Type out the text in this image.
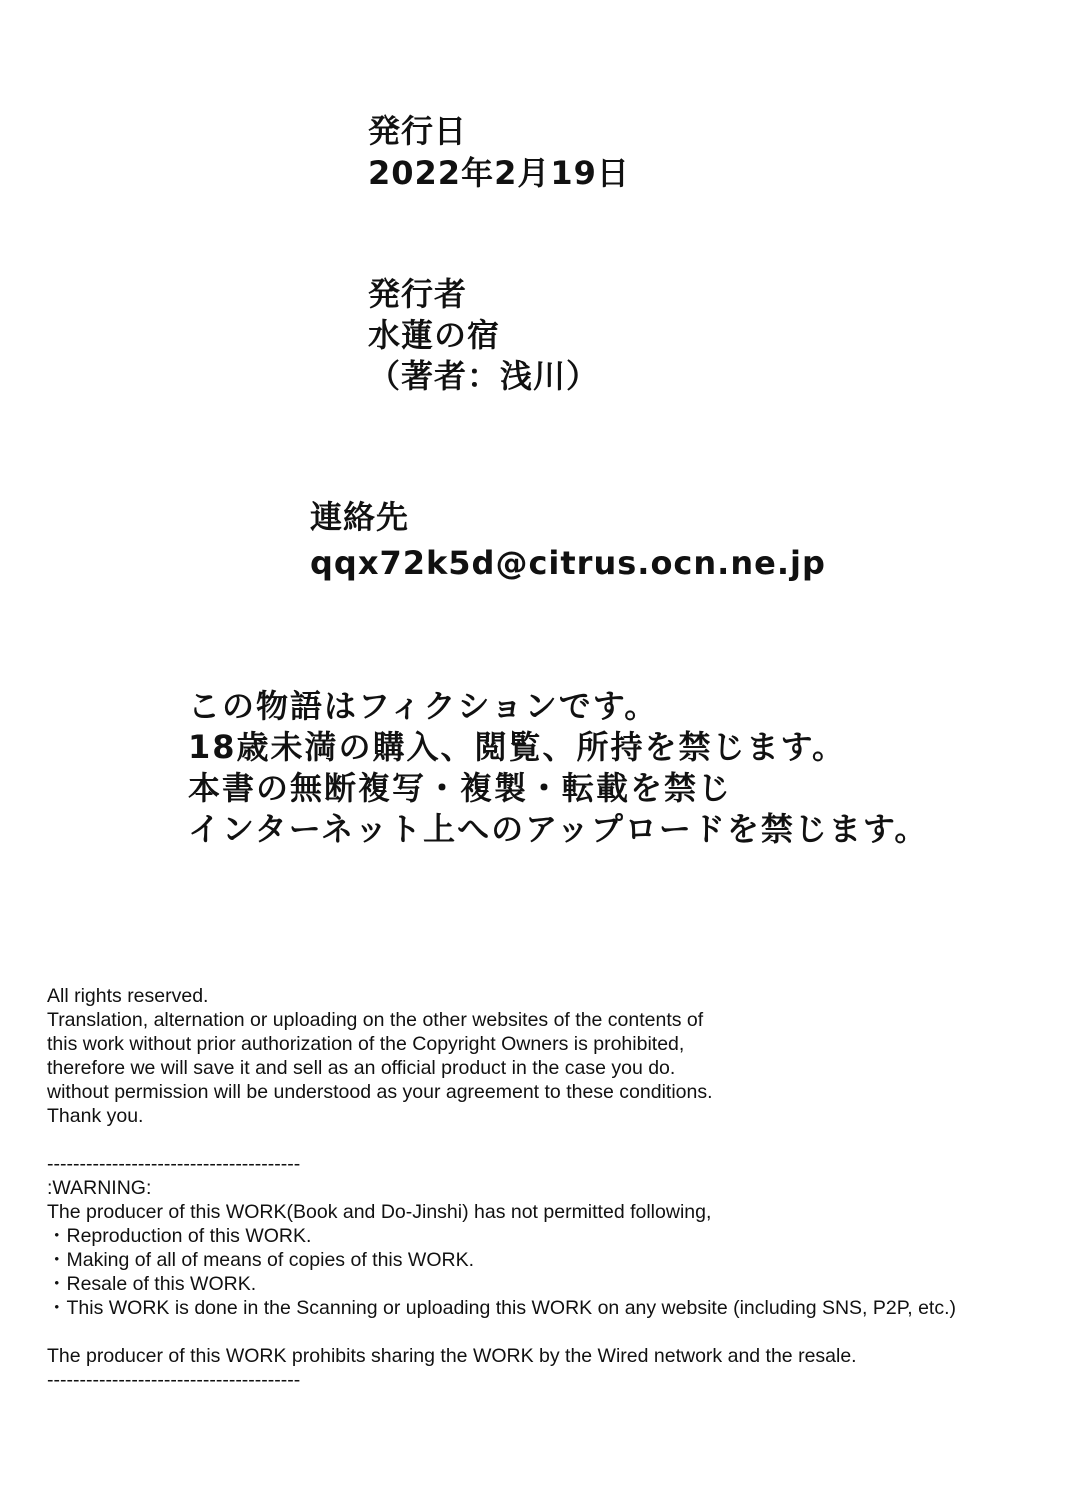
発行日
2022年2月19日
発行者
水蓮の宿
（著者：浅川）
連絡先
qqx72k5d@citrus.ocn.ne.jp
この物語はフィクションです。
18歳未満の購入、閲覧、所持を禁じます。
本書の無断複写・複製・転載を禁じ
インターネット上へのアップロードを禁じます。
All rights reserved.
Translation, alternation or uploading on the other websites of the contents of
this work without prior authorization of the Copyright Owners is prohibited,
therefore we will save it and sell as an official product in the case you do.
without permission will be understood as your agreement to these conditions.
Thank you.
---------------------------------------
:WARNING:
The producer of this WORK(Book and Do-Jinshi) has not permitted following,
・Reproduction of this WORK.
・Making of all of means of copies of this WORK.
・Resale of this WORK.
・This WORK is done in the Scanning or uploading this WORK on any website (including SNS, P2P, etc.)
The producer of this WORK prohibits sharing the WORK by the Wired network and the resale.
---------------------------------------
